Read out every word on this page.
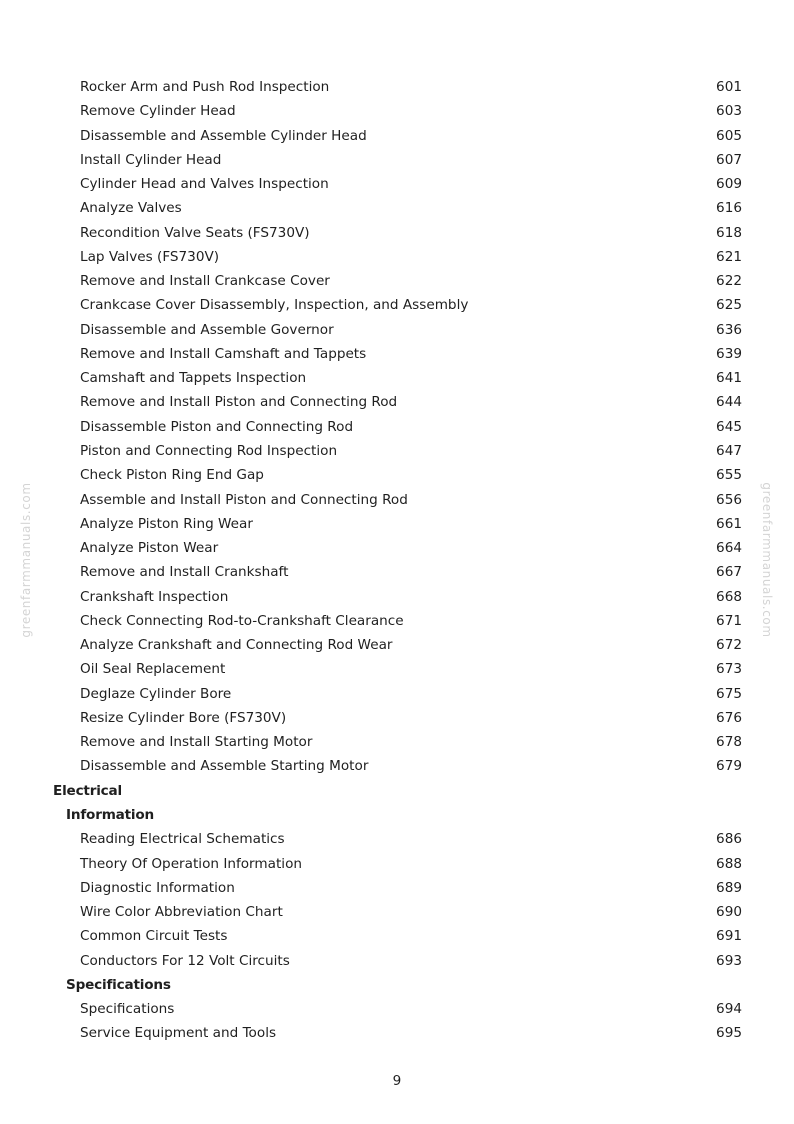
greenfarmmanuals.com	greenfarmmanuals.com
Rocker Arm and Push Rod Inspection	601
Remove Cylinder Head	603
Disassemble and Assemble Cylinder Head	605
Install Cylinder Head	607
Cylinder Head and Valves Inspection	609
Analyze Valves	616
Recondition Valve Seats (FS730V)	618
Lap Valves (FS730V)	621
Remove and Install Crankcase Cover	622
Crankcase Cover Disassembly, Inspection, and Assembly	625
Disassemble and Assemble Governor	636
Remove and Install Camshaft and Tappets	639
Camshaft and Tappets Inspection	641
Remove and Install Piston and Connecting Rod	644
Disassemble Piston and Connecting Rod	645
Piston and Connecting Rod Inspection	647
Check Piston Ring End Gap	655
Assemble and Install Piston and Connecting Rod	656
Analyze Piston Ring Wear	661
Analyze Piston Wear	664
Remove and Install Crankshaft	667
Crankshaft Inspection	668
Check Connecting Rod-to-Crankshaft Clearance	671
Analyze Crankshaft and Connecting Rod Wear	672
Oil Seal Replacement	673
Deglaze Cylinder Bore	675
Resize Cylinder Bore (FS730V)	676
Remove and Install Starting Motor	678
Disassemble and Assemble Starting Motor	679
Electrical
Information
Reading Electrical Schematics	686
Theory Of Operation Information	688
Diagnostic Information	689
Wire Color Abbreviation Chart	690
Common Circuit Tests	691
Conductors For 12 Volt Circuits	693
Specifications
Specifications	694
Service Equipment and Tools	695
9
